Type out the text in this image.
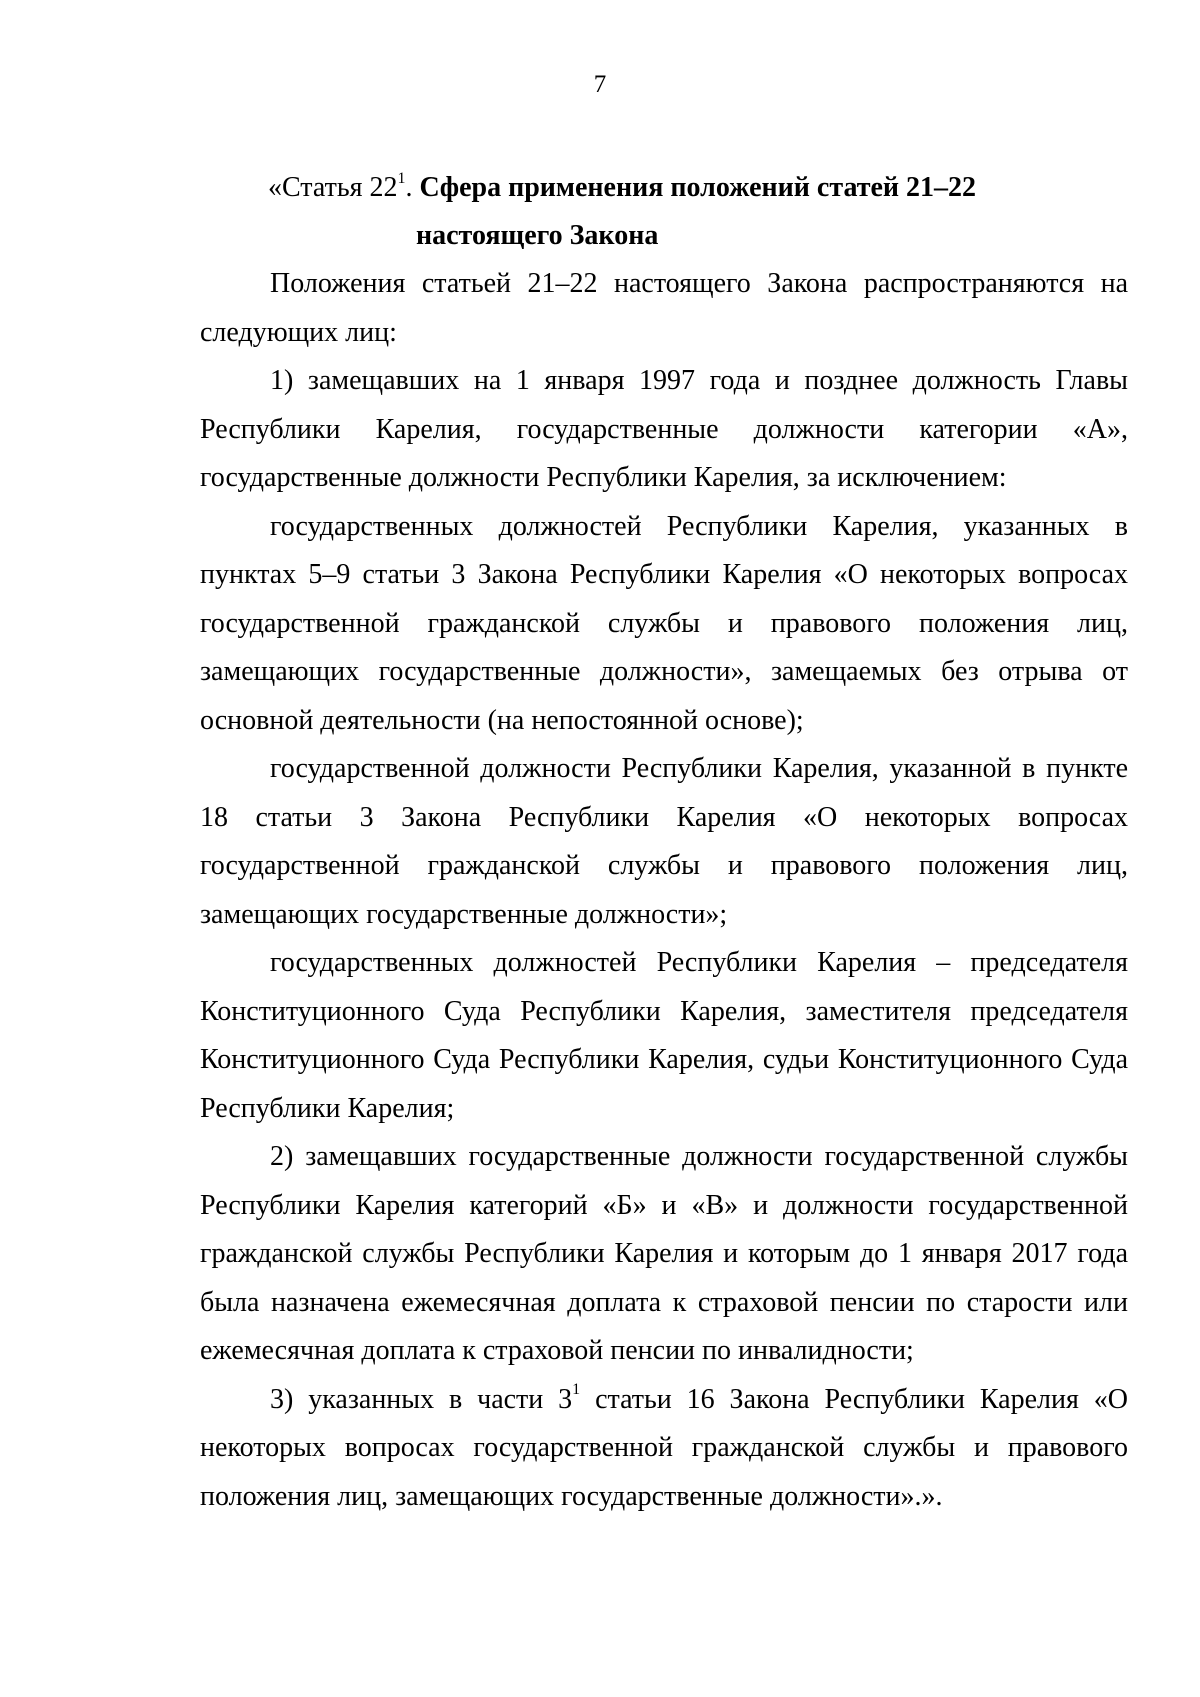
7
«Статья $22^1$. Сфера применения положений статей 21–22
настоящего Закона

Положения статьей 21–22 настоящего Закона распространяются на следующих лиц:

1) замещавших на 1 января 1997 года и позднее должность Главы Республики Карелия, государственные должности категории «А», государственные должности Республики Карелия, за исключением:

государственных должностей Республики Карелия, указанных в пунктах 5–9 статьи 3 Закона Республики Карелия «О некоторых вопросах государственной гражданской службы и правового положения лиц, замещающих государственные должности», замещаемых без отрыва от основной деятельности (на непостоянной основе);

государственной должности Республики Карелия, указанной в пункте 18 статьи 3 Закона Республики Карелия «О некоторых вопросах государственной гражданской службы и правового положения лиц, замещающих государственные должности»;

государственных должностей Республики Карелия – председателя Конституционного Суда Республики Карелия, заместителя председателя Конституционного Суда Республики Карелия, судьи Конституционного Суда Республики Карелия;

2) замещавших государственные должности государственной службы Республики Карелия категорий «Б» и «В» и должности государственной гражданской службы Республики Карелия и которым до 1 января 2017 года была назначена ежемесячная доплата к страховой пенсии по старости или ежемесячная доплата к страховой пенсии по инвалидности;

3) указанных в части $3^1$ статьи 16 Закона Республики Карелия «О некоторых вопросах государственной гражданской службы и правового положения лиц, замещающих государственные должности».».
